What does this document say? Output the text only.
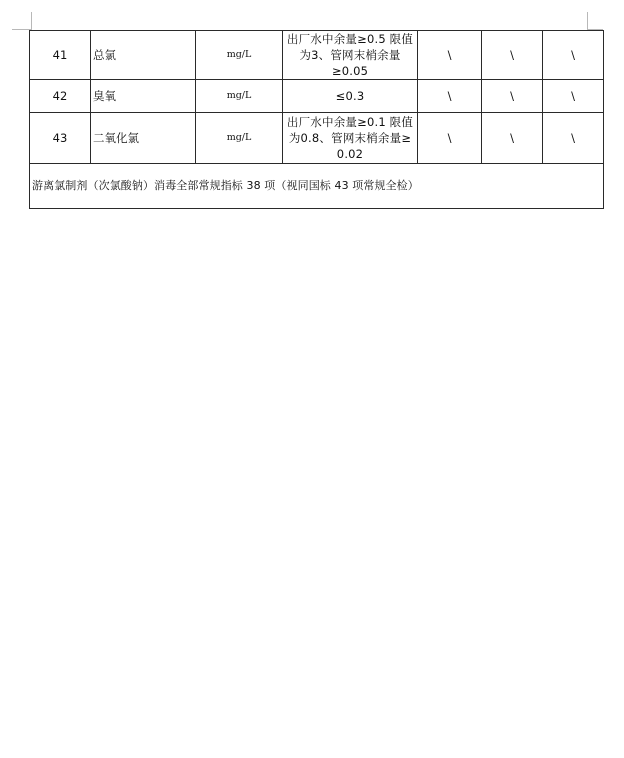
41	总氯	mg/L	出厂水中余量≥0.5 限值
为3、管网末梢余量≥0.05	\	\	\
42	臭氧	mg/L	≤0.3	\	\	\
43	二氧化氯	mg/L	出厂水中余量≥0.1 限值
为0.8、管网末梢余量≥
0.02	\	\	\
游离氯制剂（次氯酸钠）消毒全部常规指标 38 项（视同国标 43 项常规全检）						
